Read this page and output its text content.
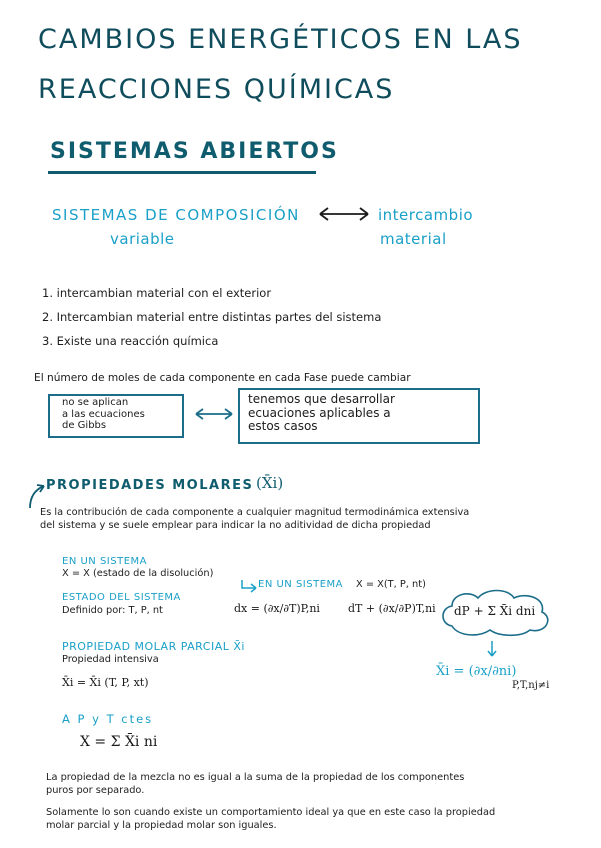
CAMBIOS ENERGÉTICOS EN LAS
REACCIONES QUÍMICAS
SISTEMAS ABIERTOS
SISTEMAS DE COMPOSICIÓN
variable
intercambio
material
1. intercambian material con el exterior
2. Intercambian material entre distintas partes del sistema
3. Existe una reacción química
El número de moles de cada componente en cada Fase puede cambiar
no se aplican
a las ecuaciones
de Gibbs
tenemos que desarrollar
ecuaciones aplicables a
estos casos
PROPIEDADES MOLARES (X̄i)
Es la contribución de cada componente a cualquier magnitud termodinámica extensiva
del sistema y se suele emplear para indicar la no aditividad de dicha propiedad
EN UN SISTEMA
X = X (estado de la disolución)
EN UN SISTEMA X = X(T, P, nt)
ESTADO DEL SISTEMA
Definido por: T, P, nt	dx = (∂x/∂T)P,ni	dT + (∂x/∂P)T,ni dP + Σ X̄i dni
PROPIEDAD MOLAR PARCIAL X̄i
Propiedad intensiva
X̄i = X̄i (T, P, xt)
X̄i = (∂x/∂ni)
P,T,nj≠i
A P y T ctes
X = Σ X̄i ni
La propiedad de la mezcla no es igual a la suma de la propiedad de los componentes
puros por separado.
Solamente lo son cuando existe un comportamiento ideal ya que en este caso la propiedad
molar parcial y la propiedad molar son iguales.
